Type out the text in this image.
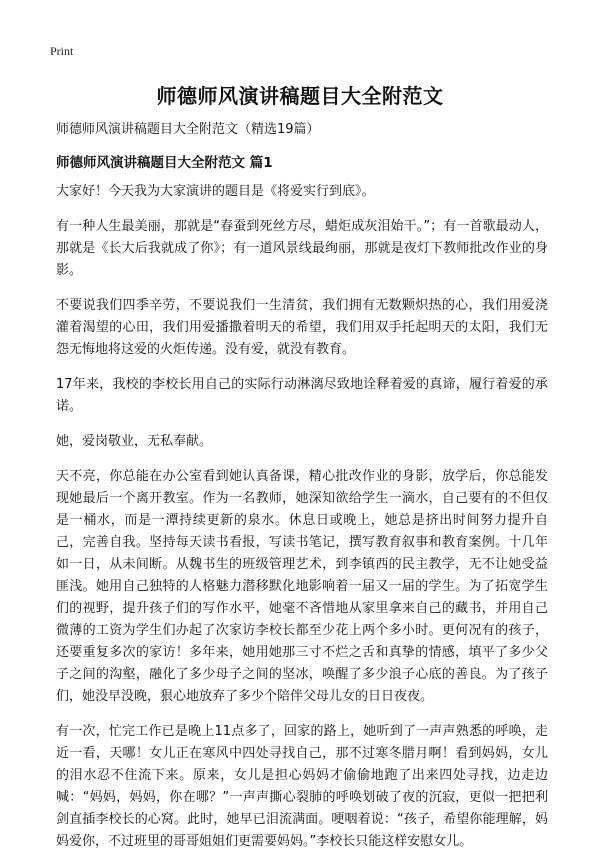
Print
师德师风演讲稿题目大全附范文
师德师风演讲稿题目大全附范文（精选19篇）
师德师风演讲稿题目大全附范文 篇1

大家好！今天我为大家演讲的题目是《将爱实行到底》。

有一种人生最美丽，那就是“春蚕到死丝方尽，蜡炬成灰泪始干。”；有一首歌最动人，那就是《长大后我就成了你》；有一道风景线最绚丽，那就是夜灯下教师批改作业的身影。

不要说我们四季辛劳，不要说我们一生清贫，我们拥有无数颗炽热的心，我们用爱浇灌着渴望的心田，我们用爱播撒着明天的希望，我们用双手托起明天的太阳，我们无怨无悔地将这爱的火炬传递。没有爱，就没有教育。

17年来，我校的李校长用自己的实际行动淋漓尽致地诠释着爱的真谛，履行着爱的承诺。

她，爱岗敬业，无私奉献。

天不亮，你总能在办公室看到她认真备课，精心批改作业的身影，放学后，你总能发现她最后一个离开教室。作为一名教师，她深知欲给学生一滴水，自己要有的不但仅是一桶水，而是一潭持续更新的泉水。休息日或晚上，她总是挤出时间努力提升自己，完善自我。坚持每天读书看报，写读书笔记，撰写教育叙事和教育案例。十几年如一日，从未间断。从魏书生的班级管理艺术，到李镇西的民主教学，无不让她受益匪浅。她用自己独特的人格魅力潜移默化地影响着一届又一届的学生。为了拓宽学生们的视野，提升孩子们的写作水平，她毫不吝惜地从家里拿来自己的藏书，并用自己微薄的工资为学生们办起了次家访李校长都至少花上两个多小时。更何况有的孩子，还要重复多次的家访！多年来，她用她那三寸不烂之舌和真挚的情感，填平了多少父子之间的沟壑，融化了多少母子之间的坚冰，唤醒了多少浪子心底的善良。为了孩子们，她没早没晚，狠心地放弃了多少个陪伴父母儿女的日日夜夜。

有一次，忙完工作已是晚上11点多了，回家的路上，她听到了一声声熟悉的呼唤，走近一看，天哪！女儿正在寒风中四处寻找自己，那不过寒冬腊月啊！看到妈妈，女儿的泪水忍不住流下来。原来，女儿是担心妈妈才偷偷地跑了出来四处寻找，边走边喊：“妈妈，妈妈，你在哪？”一声声撕心裂肺的呼唤划破了夜的沉寂，更似一把把利剑直插李校长的心窝。此时，她早已泪流满面。哽咽着说：“孩子，希望你能理解，妈妈爱你，不过班里的哥哥姐姐们更需要妈妈。”李校长只能这样安慰女儿。
